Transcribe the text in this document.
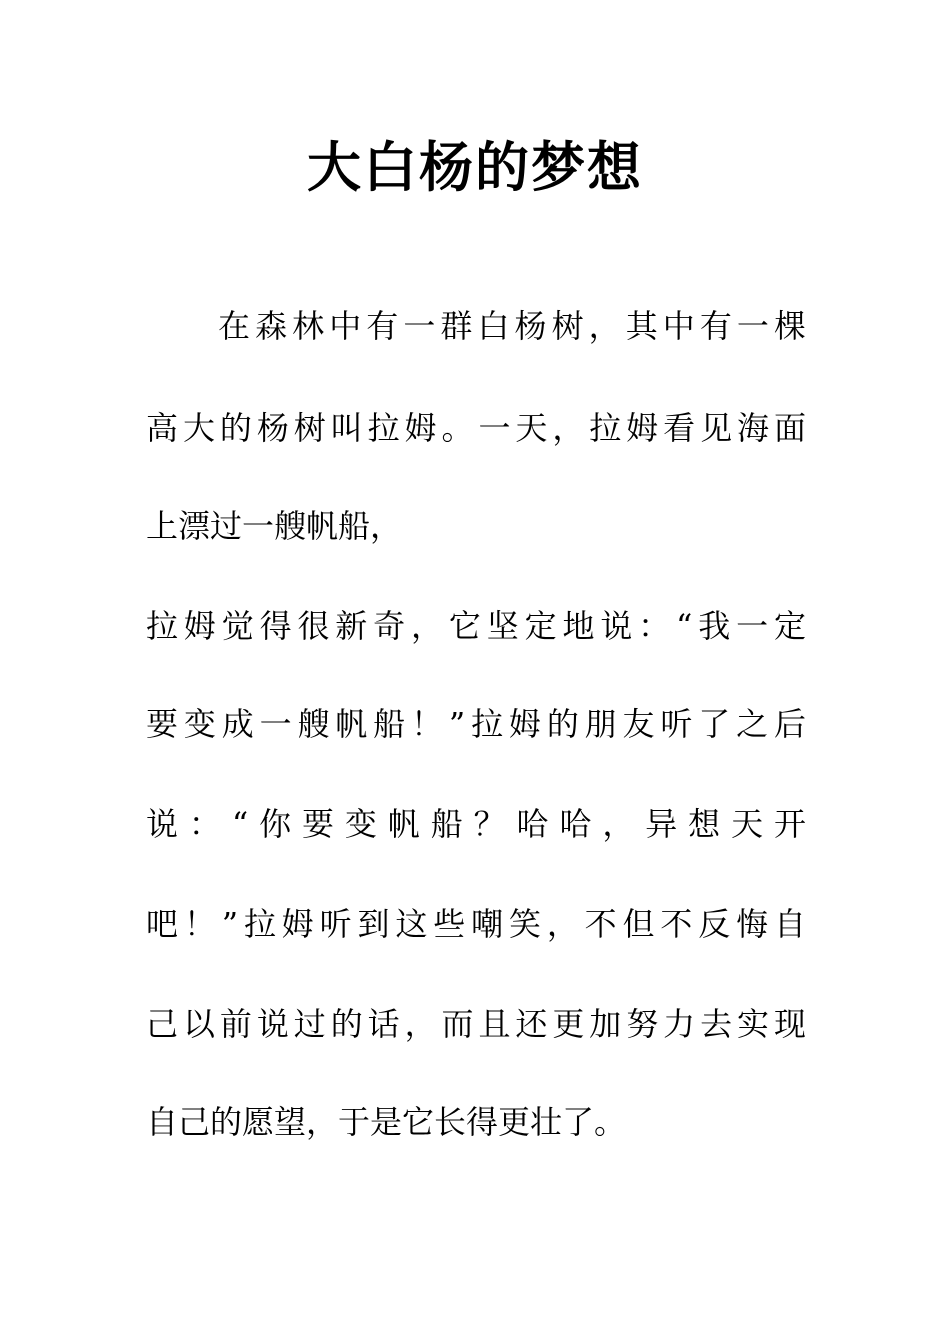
大白杨的梦想
在森林中有一群白杨树，其中有一棵
高大的杨树叫拉姆。一天，拉姆看见海面
上漂过一艘帆船，
拉姆觉得很新奇，它坚定地说：“我一定
要变成一艘帆船！”拉姆的朋友听了之后
说：“你要变帆船？哈哈，异想天开
吧！”拉姆听到这些嘲笑，不但不反悔自
己以前说过的话，而且还更加努力去实现
自己的愿望，于是它长得更壮了。
